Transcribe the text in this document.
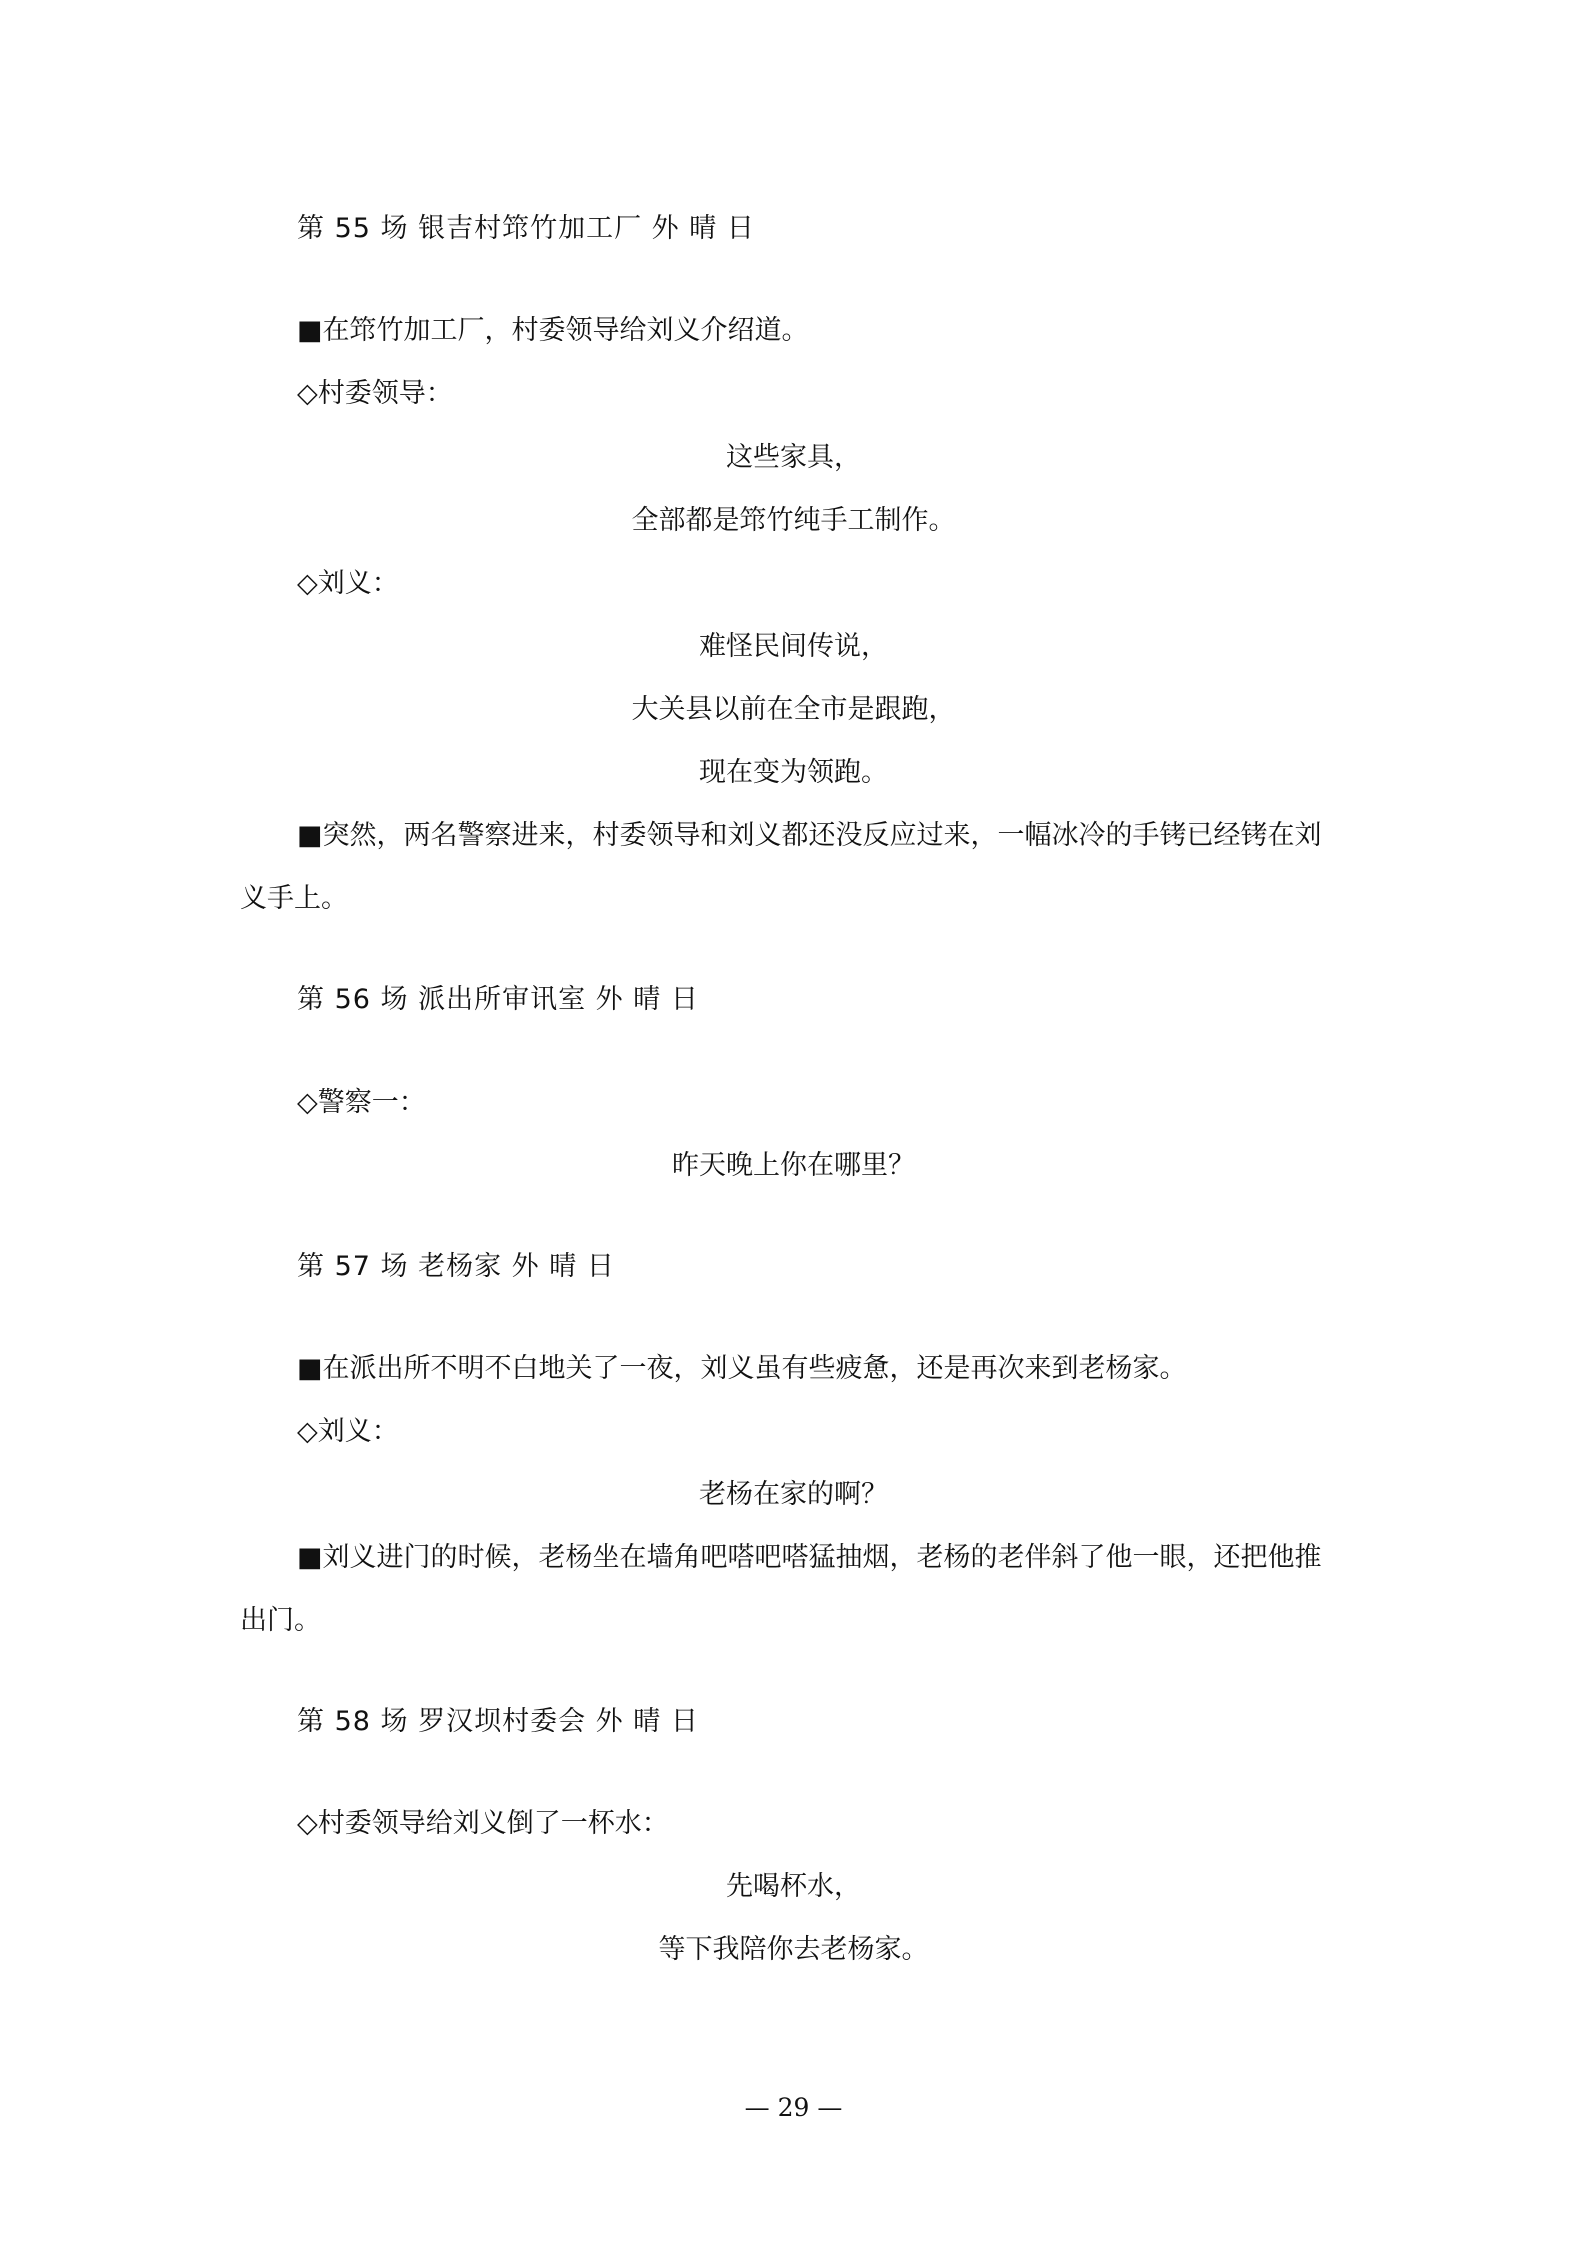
第 55 场 银吉村筇竹加工厂 外 晴 日
■在筇竹加工厂，村委领导给刘义介绍道。
◇村委领导：
这些家具，
全部都是筇竹纯手工制作。
◇刘义：
难怪民间传说，
大关县以前在全市是跟跑，
现在变为领跑。
■突然，两名警察进来，村委领导和刘义都还没反应过来，一幅冰冷的手铐已经铐在刘
义手上。
第 56 场 派出所审讯室 外 晴 日
◇警察一：
昨天晚上你在哪里？
第 57 场 老杨家 外 晴 日
■在派出所不明不白地关了一夜，刘义虽有些疲惫，还是再次来到老杨家。
◇刘义：
老杨在家的啊？
■刘义进门的时候，老杨坐在墙角吧嗒吧嗒猛抽烟，老杨的老伴斜了他一眼，还把他推
出门。
第 58 场 罗汉坝村委会 外 晴 日
◇村委领导给刘义倒了一杯水：
先喝杯水，
等下我陪你去老杨家。
— 29 —
